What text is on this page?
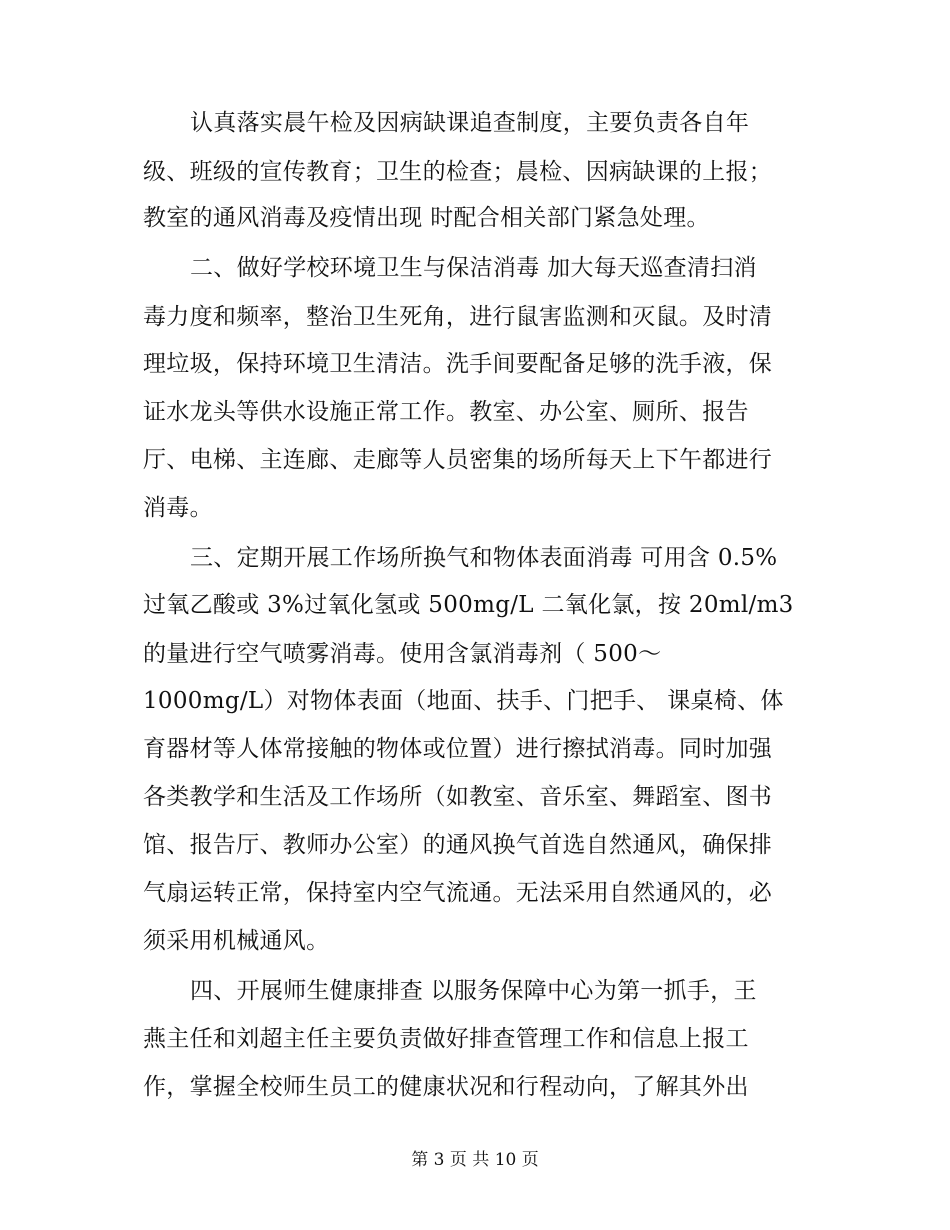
认真落实晨午检及因病缺课追查制度，主要负责各自年
级、班级的宣传教育；卫生的检查；晨检、因病缺课的上报；
教室的通风消毒及疫情出现 时配合相关部门紧急处理。
二、做好学校环境卫生与保洁消毒 加大每天巡查清扫消
毒力度和频率，整治卫生死角，进行鼠害监测和灭鼠。及时清
理垃圾，保持环境卫生清洁。洗手间要配备足够的洗手液，保
证水龙头等供水设施正常工作。教室、办公室、厕所、报告
厅、电梯、主连廊、走廊等人员密集的场所每天上下午都进行
消毒。
三、定期开展工作场所换气和物体表面消毒 可用含 0.5%
过氧乙酸或 3%过氧化氢或 500mg/L 二氧化氯，按 20ml/m3
的量进行空气喷雾消毒。使用含氯消毒剂（ 500～
1000mg/L）对物体表面（地面、扶手、门把手、 课桌椅、体
育器材等人体常接触的物体或位置）进行擦拭消毒。同时加强
各类教学和生活及工作场所（如教室、音乐室、舞蹈室、图书
馆、报告厅、教师办公室）的通风换气首选自然通风，确保排
气扇运转正常，保持室内空气流通。无法采用自然通风的，必
须采用机械通风。
四、开展师生健康排查 以服务保障中心为第一抓手，王
燕主任和刘超主任主要负责做好排查管理工作和信息上报工
作，掌握全校师生员工的健康状况和行程动向，了解其外出
第 3 页 共 10 页
